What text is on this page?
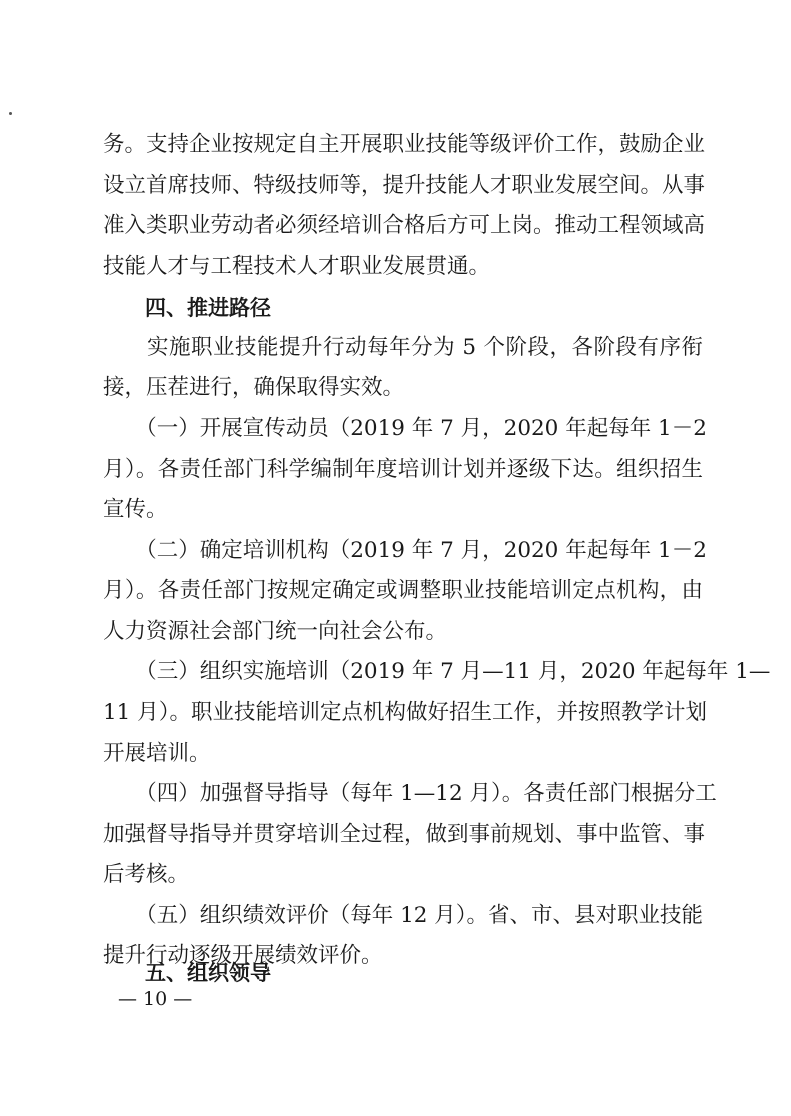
务。支持企业按规定自主开展职业技能等级评价工作，鼓励企业
设立首席技师、特级技师等，提升技能人才职业发展空间。从事
准入类职业劳动者必须经培训合格后方可上岗。推动工程领域高
技能人才与工程技术人才职业发展贯通。
四、推进路径
　　实施职业技能提升行动每年分为 5 个阶段，各阶段有序衔
接，压茬进行，确保取得实效。
　　（一）开展宣传动员（2019 年 7 月，2020 年起每年 1－2
月）。各责任部门科学编制年度培训计划并逐级下达。组织招生
宣传。
　　（二）确定培训机构（2019 年 7 月，2020 年起每年 1－2
月）。各责任部门按规定确定或调整职业技能培训定点机构，由
人力资源社会部门统一向社会公布。
　　（三）组织实施培训（2019 年 7 月—11 月，2020 年起每年 1—
11 月）。职业技能培训定点机构做好招生工作，并按照教学计划
开展培训。
　　（四）加强督导指导（每年 1—12 月）。各责任部门根据分工
加强督导指导并贯穿培训全过程，做到事前规划、事中监管、事
后考核。
　　（五）组织绩效评价（每年 12 月）。省、市、县对职业技能
提升行动逐级开展绩效评价。
五、组织领导
— 10 —
